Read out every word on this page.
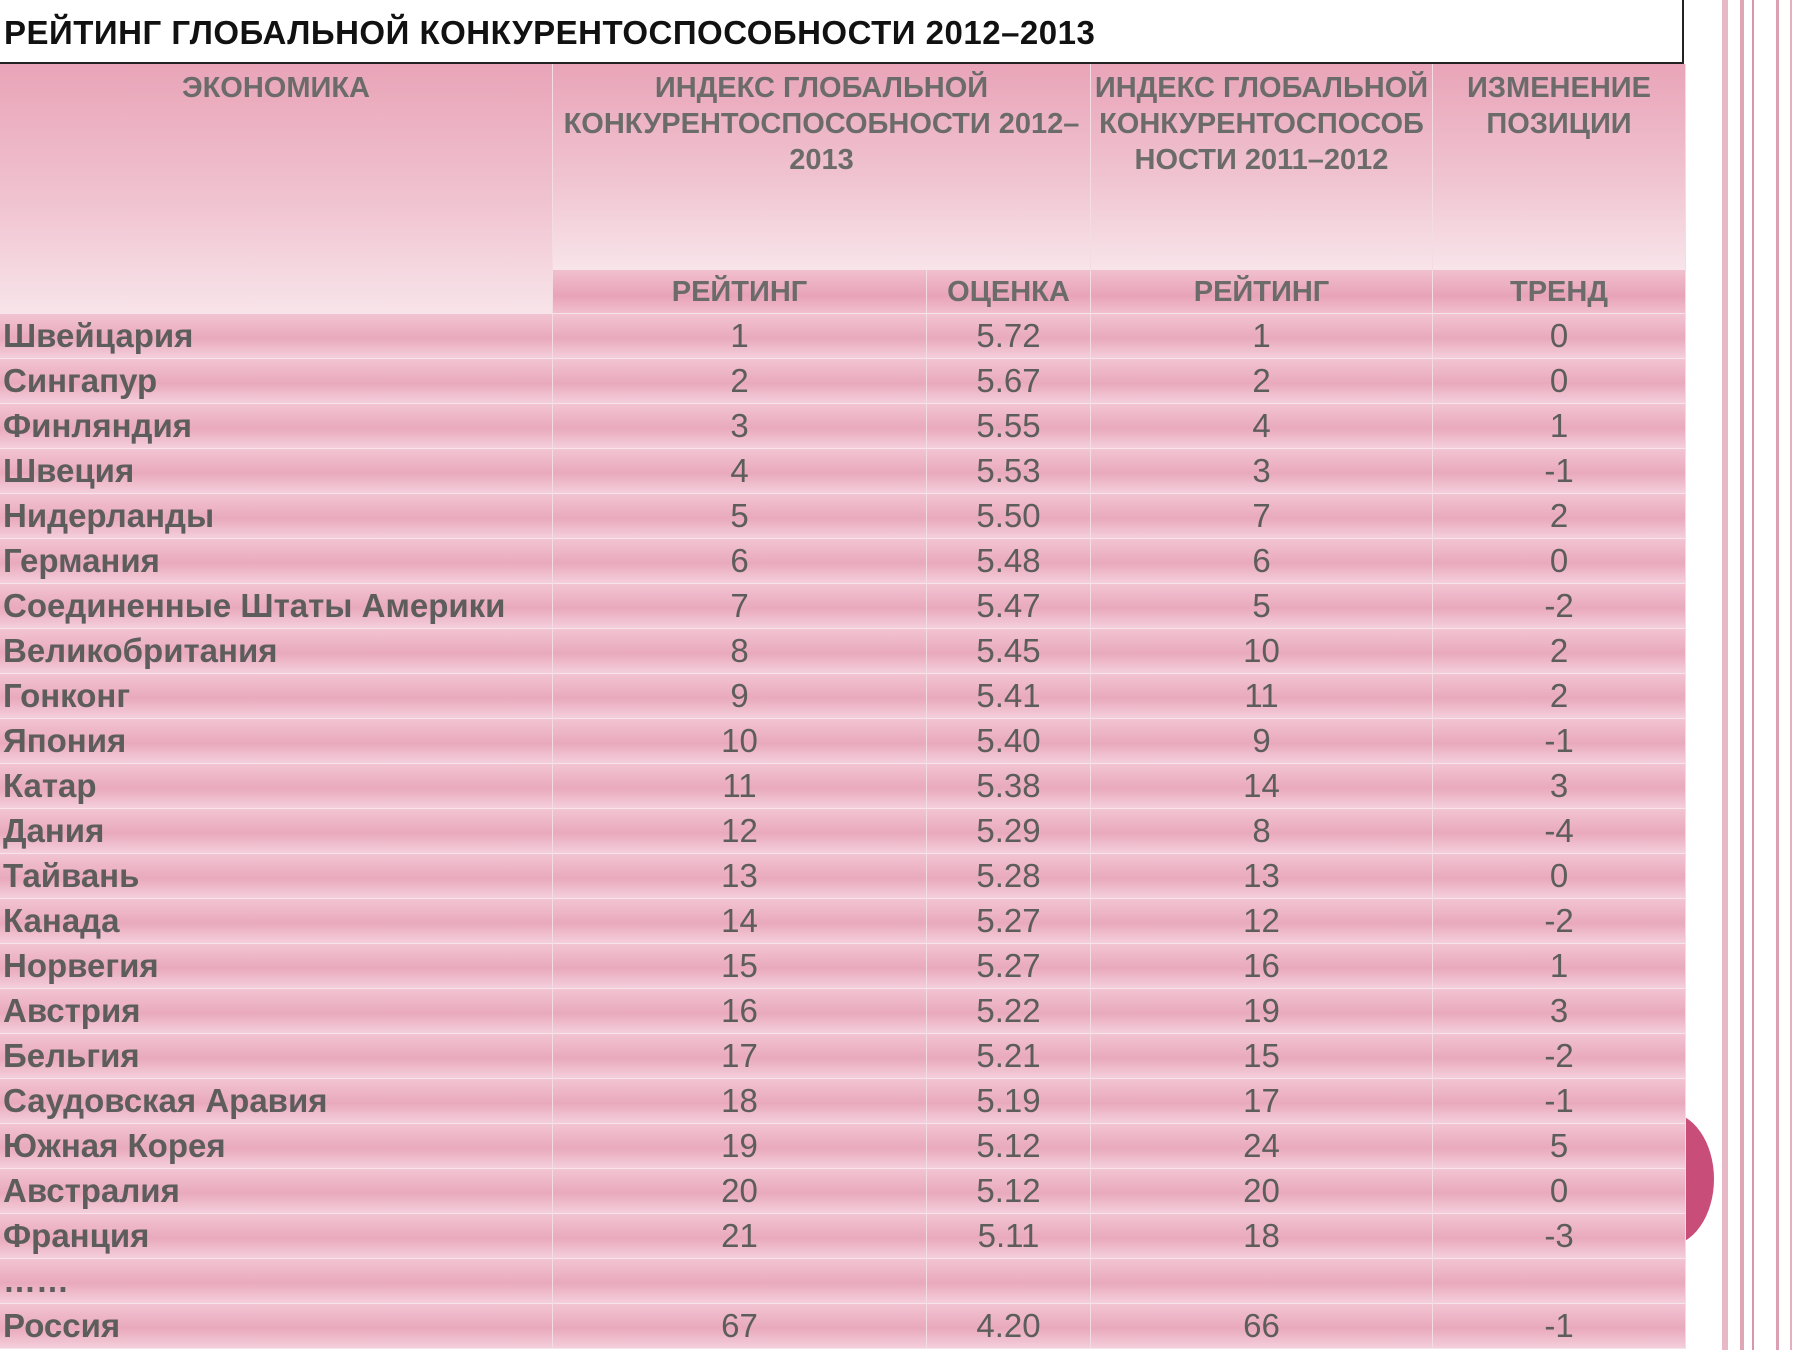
РЕЙТИНГ ГЛОБАЛЬНОЙ КОНКУРЕНТОСПОСОБНОСТИ 2012–2013
ЭКОНОМИКА	ИНДЕКС ГЛОБАЛЬНОЙ КОНКУРЕНТОСПОСОБНОСТИ 2012–2013
ИНДЕКС ГЛОБАЛЬНОЙ КОНКУРЕНТОСПОСОБ НОСТИ 2011–2012
ИЗМЕНЕНИЕ ПОЗИЦИИ
РЕЙТИНГ	ОЦЕНКА	РЕЙТИНГ	ТРЕНД
Швейцария	1	5.72	1	0
Сингапур	2	5.67	2	0
Финляндия	3	5.55	4	1
Швеция	4	5.53	3	-1
Нидерланды	5	5.50	7	2
Германия	6	5.48	6	0
Соединенные Штаты Америки	7	5.47	5	-2
Великобритания	8	5.45	10	2
Гонконг	9	5.41	11	2
Япония	10	5.40	9	-1
Катар	11	5.38	14	3
Дания	12	5.29	8	-4
Тайвань	13	5.28	13	0
Канада	14	5.27	12	-2
Норвегия	15	5.27	16	1
Австрия	16	5.22	19	3
Бельгия	17	5.21	15	-2
Саудовская Аравия	18	5.19	17	-1
Южная Корея	19	5.12	24	5
Австралия	20	5.12	20	0
Франция	21	5.11	18	-3
……
Россия	67	4.20	66	-1
